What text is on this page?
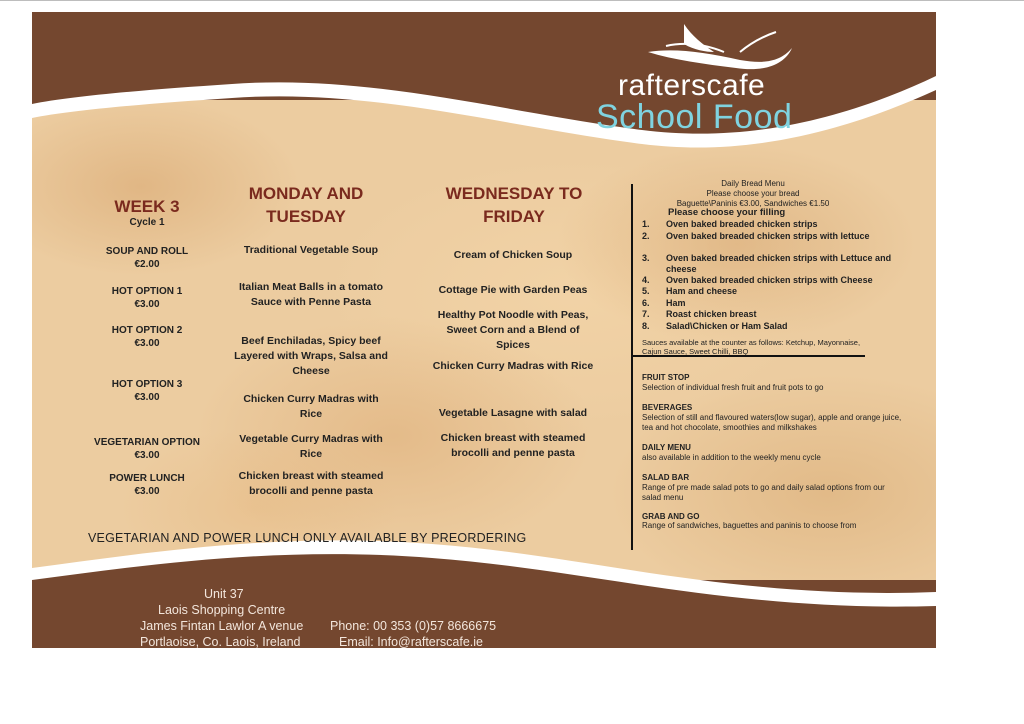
rafterscafe
School Food
WEEK 3
Cycle 1
MONDAY AND TUESDAY
WEDNESDAY TO FRIDAY
SOUP AND ROLL
€2.00
HOT OPTION 1
€3.00
HOT OPTION 2
€3.00
HOT OPTION 3
€3.00
VEGETARIAN OPTION
€3.00
POWER LUNCH
€3.00
Traditional Vegetable Soup
Italian Meat Balls in a tomato Sauce with Penne Pasta
Beef Enchiladas, Spicy beef Layered with Wraps, Salsa and Cheese
Chicken Curry Madras with Rice
Vegetable Curry Madras with Rice
Chicken breast with steamed brocolli and penne pasta
Cream of Chicken Soup
Cottage Pie with Garden Peas
Healthy Pot Noodle with Peas, Sweet Corn and a Blend of Spices
Chicken Curry Madras with Rice
Vegetable Lasagne with salad
Chicken breast with steamed brocolli and penne pasta
Daily Bread Menu
Please choose your bread
Baguette\Paninis €3.00, Sandwiches €1.50
Please choose your filling
1. Oven baked breaded chicken strips
2. Oven baked breaded chicken strips with lettuce
3. Oven baked breaded chicken strips with Lettuce and cheese
4. Oven baked breaded chicken strips with Cheese
5. Ham and cheese
6. Ham
7. Roast chicken breast
8. Salad\Chicken or Ham Salad
Sauces available at the counter as follows: Ketchup, Mayonnaise, Cajun Sauce, Sweet Chilli, BBQ
FRUIT STOP
Selection of individual fresh fruit and fruit pots to go
BEVERAGES
Selection of still and flavoured waters(low sugar), apple and orange juice, tea and hot chocolate, smoothies and milkshakes
DAILY MENU
also available in addition to the weekly menu cycle
SALAD BAR
Range of pre made salad pots to go and daily salad options from our salad menu
GRAB AND GO
Range of sandwiches, baguettes and paninis to choose from
VEGETARIAN AND POWER LUNCH ONLY AVAILABLE BY PREORDERING
Unit 37
Laois Shopping Centre
James Fintan Lawlor A venue
Portlaoise, Co. Laois, Ireland
Phone: 00 353 (0)57 8666675
Email: Info@rafterscafe.ie
